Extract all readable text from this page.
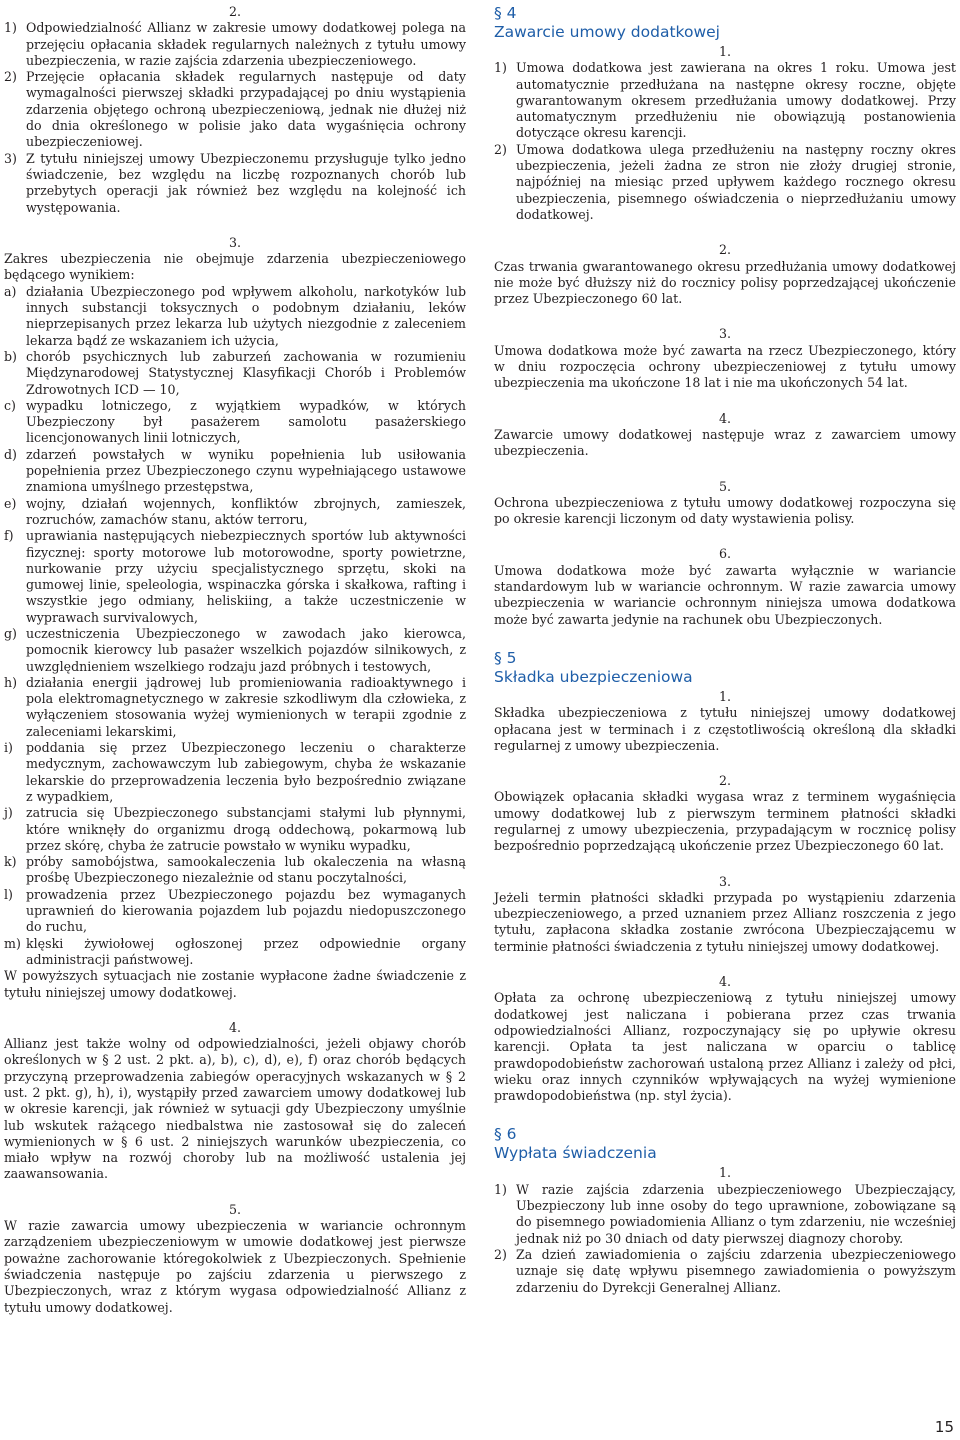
2.

1) Odpowiedzialność Allianz w zakresie umowy dodatkowej polega na przejęciu opłacania składek regularnych należnych z tytułu umowy ubezpieczenia, w razie zajścia zdarzenia ubezpieczeniowego.
2) Przejęcie opłacania składek regularnych następuje od daty wymagalności pierwszej składki przypadającej po dniu wystąpienia zdarzenia objętego ochroną ubezpieczeniową, jednak nie dłużej niż do dnia określonego w polisie jako data wygaśnięcia ochrony ubezpieczeniowej.
3) Z tytułu niniejszej umowy Ubezpieczonemu przysługuje tylko jedno świadczenie, bez względu na liczbę rozpoznanych chorób lub przebytych operacji jak również bez względu na kolejność ich występowania.

3.

Zakres ubezpieczenia nie obejmuje zdarzenia ubezpieczeniowego będącego wynikiem:

a) działania Ubezpieczonego pod wpływem alkoholu, narkotyków lub innych substancji toksycznych o podobnym działaniu, leków nieprzepisanych przez lekarza lub użytych niezgodnie z zaleceniem lekarza bądź ze wskazaniem ich użycia,
b) chorób psychicznych lub zaburzeń zachowania w rozumieniu Międzynarodowej Statystycznej Klasyfikacji Chorób i Problemów Zdrowotnych ICD — 10,
c) wypadku lotniczego, z wyjątkiem wypadków, w których Ubezpieczony był pasażerem samolotu pasażerskiego licencjonowanych linii lotniczych,
d) zdarzeń powstałych w wyniku popełnienia lub usiłowania popełnienia przez Ubezpieczonego czynu wypełniającego ustawowe znamiona umyślnego przestępstwa,
e) wojny, działań wojennych, konfliktów zbrojnych, zamieszek, rozruchów, zamachów stanu, aktów terroru,
f) uprawiania następujących niebezpiecznych sportów lub aktywności fizycznej: sporty motorowe lub motorowodne, sporty powietrzne, nurkowanie przy użyciu specjalistycznego sprzętu, skoki na gumowej linie, speleologia, wspinaczka górska i skałkowa, rafting i wszystkie jego odmiany, heliskiing, a także uczestniczenie w wyprawach survivalowych,
g) uczestniczenia Ubezpieczonego w zawodach jako kierowca, pomocnik kierowcy lub pasażer wszelkich pojazdów silnikowych, z uwzględnieniem wszelkiego rodzaju jazd próbnych i testowych,
h) działania energii jądrowej lub promieniowania radioaktywnego i pola elektromagnetycznego w zakresie szkodliwym dla człowieka, z wyłączeniem stosowania wyżej wymienionych w terapii zgodnie z zaleceniami lekarskimi,
i) poddania się przez Ubezpieczonego leczeniu o charakterze medycznym, zachowawczym lub zabiegowym, chyba że wskazanie lekarskie do przeprowadzenia leczenia było bezpośrednio związane z wypadkiem,
j) zatrucia się Ubezpieczonego substancjami stałymi lub płynnymi, które wniknęły do organizmu drogą oddechową, pokarmową lub przez skórę, chyba że zatrucie powstało w wyniku wypadku,
k) próby samobójstwa, samookaleczenia lub okaleczenia na własną prośbę Ubezpieczonego niezależnie od stanu poczytalności,
l) prowadzenia przez Ubezpieczonego pojazdu bez wymaganych uprawnień do kierowania pojazdem lub pojazdu niedopuszczonego do ruchu,
m) klęski żywiołowej ogłoszonej przez odpowiednie organy administracji państwowej.

W powyższych sytuacjach nie zostanie wypłacone żadne świadczenie z tytułu niniejszej umowy dodatkowej.

4.

Allianz jest także wolny od odpowiedzialności, jeżeli objawy chorób określonych w § 2 ust. 2 pkt. a), b), c), d), e), f) oraz chorób będących przyczyną przeprowadzenia zabiegów operacyjnych wskazanych w § 2 ust. 2 pkt. g), h), i), wystąpiły przed zawarciem umowy dodatkowej lub w okresie karencji, jak również w sytuacji gdy Ubezpieczony umyślnie lub wskutek rażącego niedbalstwa nie zastosował się do zaleceń wymienionych w § 6 ust. 2 niniejszych warunków ubezpieczenia, co miało wpływ na rozwój choroby lub na możliwość ustalenia jej zaawansowania.

5.

W razie zawarcia umowy ubezpieczenia w wariancie ochronnym zarządzeniem ubezpieczeniowym w umowie dodatkowej jest pierwsze poważne zachorowanie któregokolwiek z Ubezpieczonych. Spełnienie świadczenia następuje po zajściu zdarzenia u pierwszego z Ubezpieczonych, wraz z którym wygasa odpowiedzialność Allianz z tytułu umowy dodatkowej.

§ 4
Zawarcie umowy dodatkowej

1.

1) Umowa dodatkowa jest zawierana na okres 1 roku. Umowa jest automatycznie przedłużana na następne okresy roczne, objęte gwarantowanym okresem przedłużania umowy dodatkowej. Przy automatycznym przedłużeniu nie obowiązują postanowienia dotyczące okresu karencji.
2) Umowa dodatkowa ulega przedłużeniu na następny roczny okres ubezpieczenia, jeżeli żadna ze stron nie złoży drugiej stronie, najpóźniej na miesiąc przed upływem każdego rocznego okresu ubezpieczenia, pisemnego oświadczenia o nieprzedłużaniu umowy dodatkowej.

2.

Czas trwania gwarantowanego okresu przedłużania umowy dodatkowej nie może być dłuższy niż do rocznicy polisy poprzedzającej ukończenie przez Ubezpieczonego 60 lat.

3.

Umowa dodatkowa może być zawarta na rzecz Ubezpieczonego, który w dniu rozpoczęcia ochrony ubezpieczeniowej z tytułu umowy ubezpieczenia ma ukończone 18 lat i nie ma ukończonych 54 lat.

4.

Zawarcie umowy dodatkowej następuje wraz z zawarciem umowy ubezpieczenia.

5.

Ochrona ubezpieczeniowa z tytułu umowy dodatkowej rozpoczyna się po okresie karencji liczonym od daty wystawienia polisy.

6.

Umowa dodatkowa może być zawarta wyłącznie w wariancie standardowym lub w wariancie ochronnym. W razie zawarcia umowy ubezpieczenia w wariancie ochronnym niniejsza umowa dodatkowa może być zawarta jedynie na rachunek obu Ubezpieczonych.

§ 5
Składka ubezpieczeniowa

1.

Składka ubezpieczeniowa z tytułu niniejszej umowy dodatkowej opłacana jest w terminach i z częstotliwością określoną dla składki regularnej z umowy ubezpieczenia.

2.

Obowiązek opłacania składki wygasa wraz z terminem wygaśnięcia umowy dodatkowej lub z pierwszym terminem płatności składki regularnej z umowy ubezpieczenia, przypadającym w rocznicę polisy bezpośrednio poprzedzającą ukończenie przez Ubezpieczonego 60 lat.

3.

Jeżeli termin płatności składki przypada po wystąpieniu zdarzenia ubezpieczeniowego, a przed uznaniem przez Allianz roszczenia z jego tytułu, zapłacona składka zostanie zwrócona Ubezpieczającemu w terminie płatności świadczenia z tytułu niniejszej umowy dodatkowej.

4.

Opłata za ochronę ubezpieczeniową z tytułu niniejszej umowy dodatkowej jest naliczana i pobierana przez czas trwania odpowiedzialności Allianz, rozpoczynający się po upływie okresu karencji. Opłata ta jest naliczana w oparciu o tablicę prawdopodobieństw zachorowań ustaloną przez Allianz i zależy od płci, wieku oraz innych czynników wpływających na wyżej wymienione prawdopodobieństwa (np. styl życia).

§ 6
Wypłata świadczenia

1.

1) W razie zajścia zdarzenia ubezpieczeniowego Ubezpieczający, Ubezpieczony lub inne osoby do tego uprawnione, zobowiązane są do pisemnego powiadomienia Allianz o tym zdarzeniu, nie wcześniej jednak niż po 30 dniach od daty pierwszej diagnozy choroby.
2) Za dzień zawiadomienia o zajściu zdarzenia ubezpieczeniowego uznaje się datę wpływu pisemnego zawiadomienia o powyższym zdarzeniu do Dyrekcji Generalnej Allianz.
15
